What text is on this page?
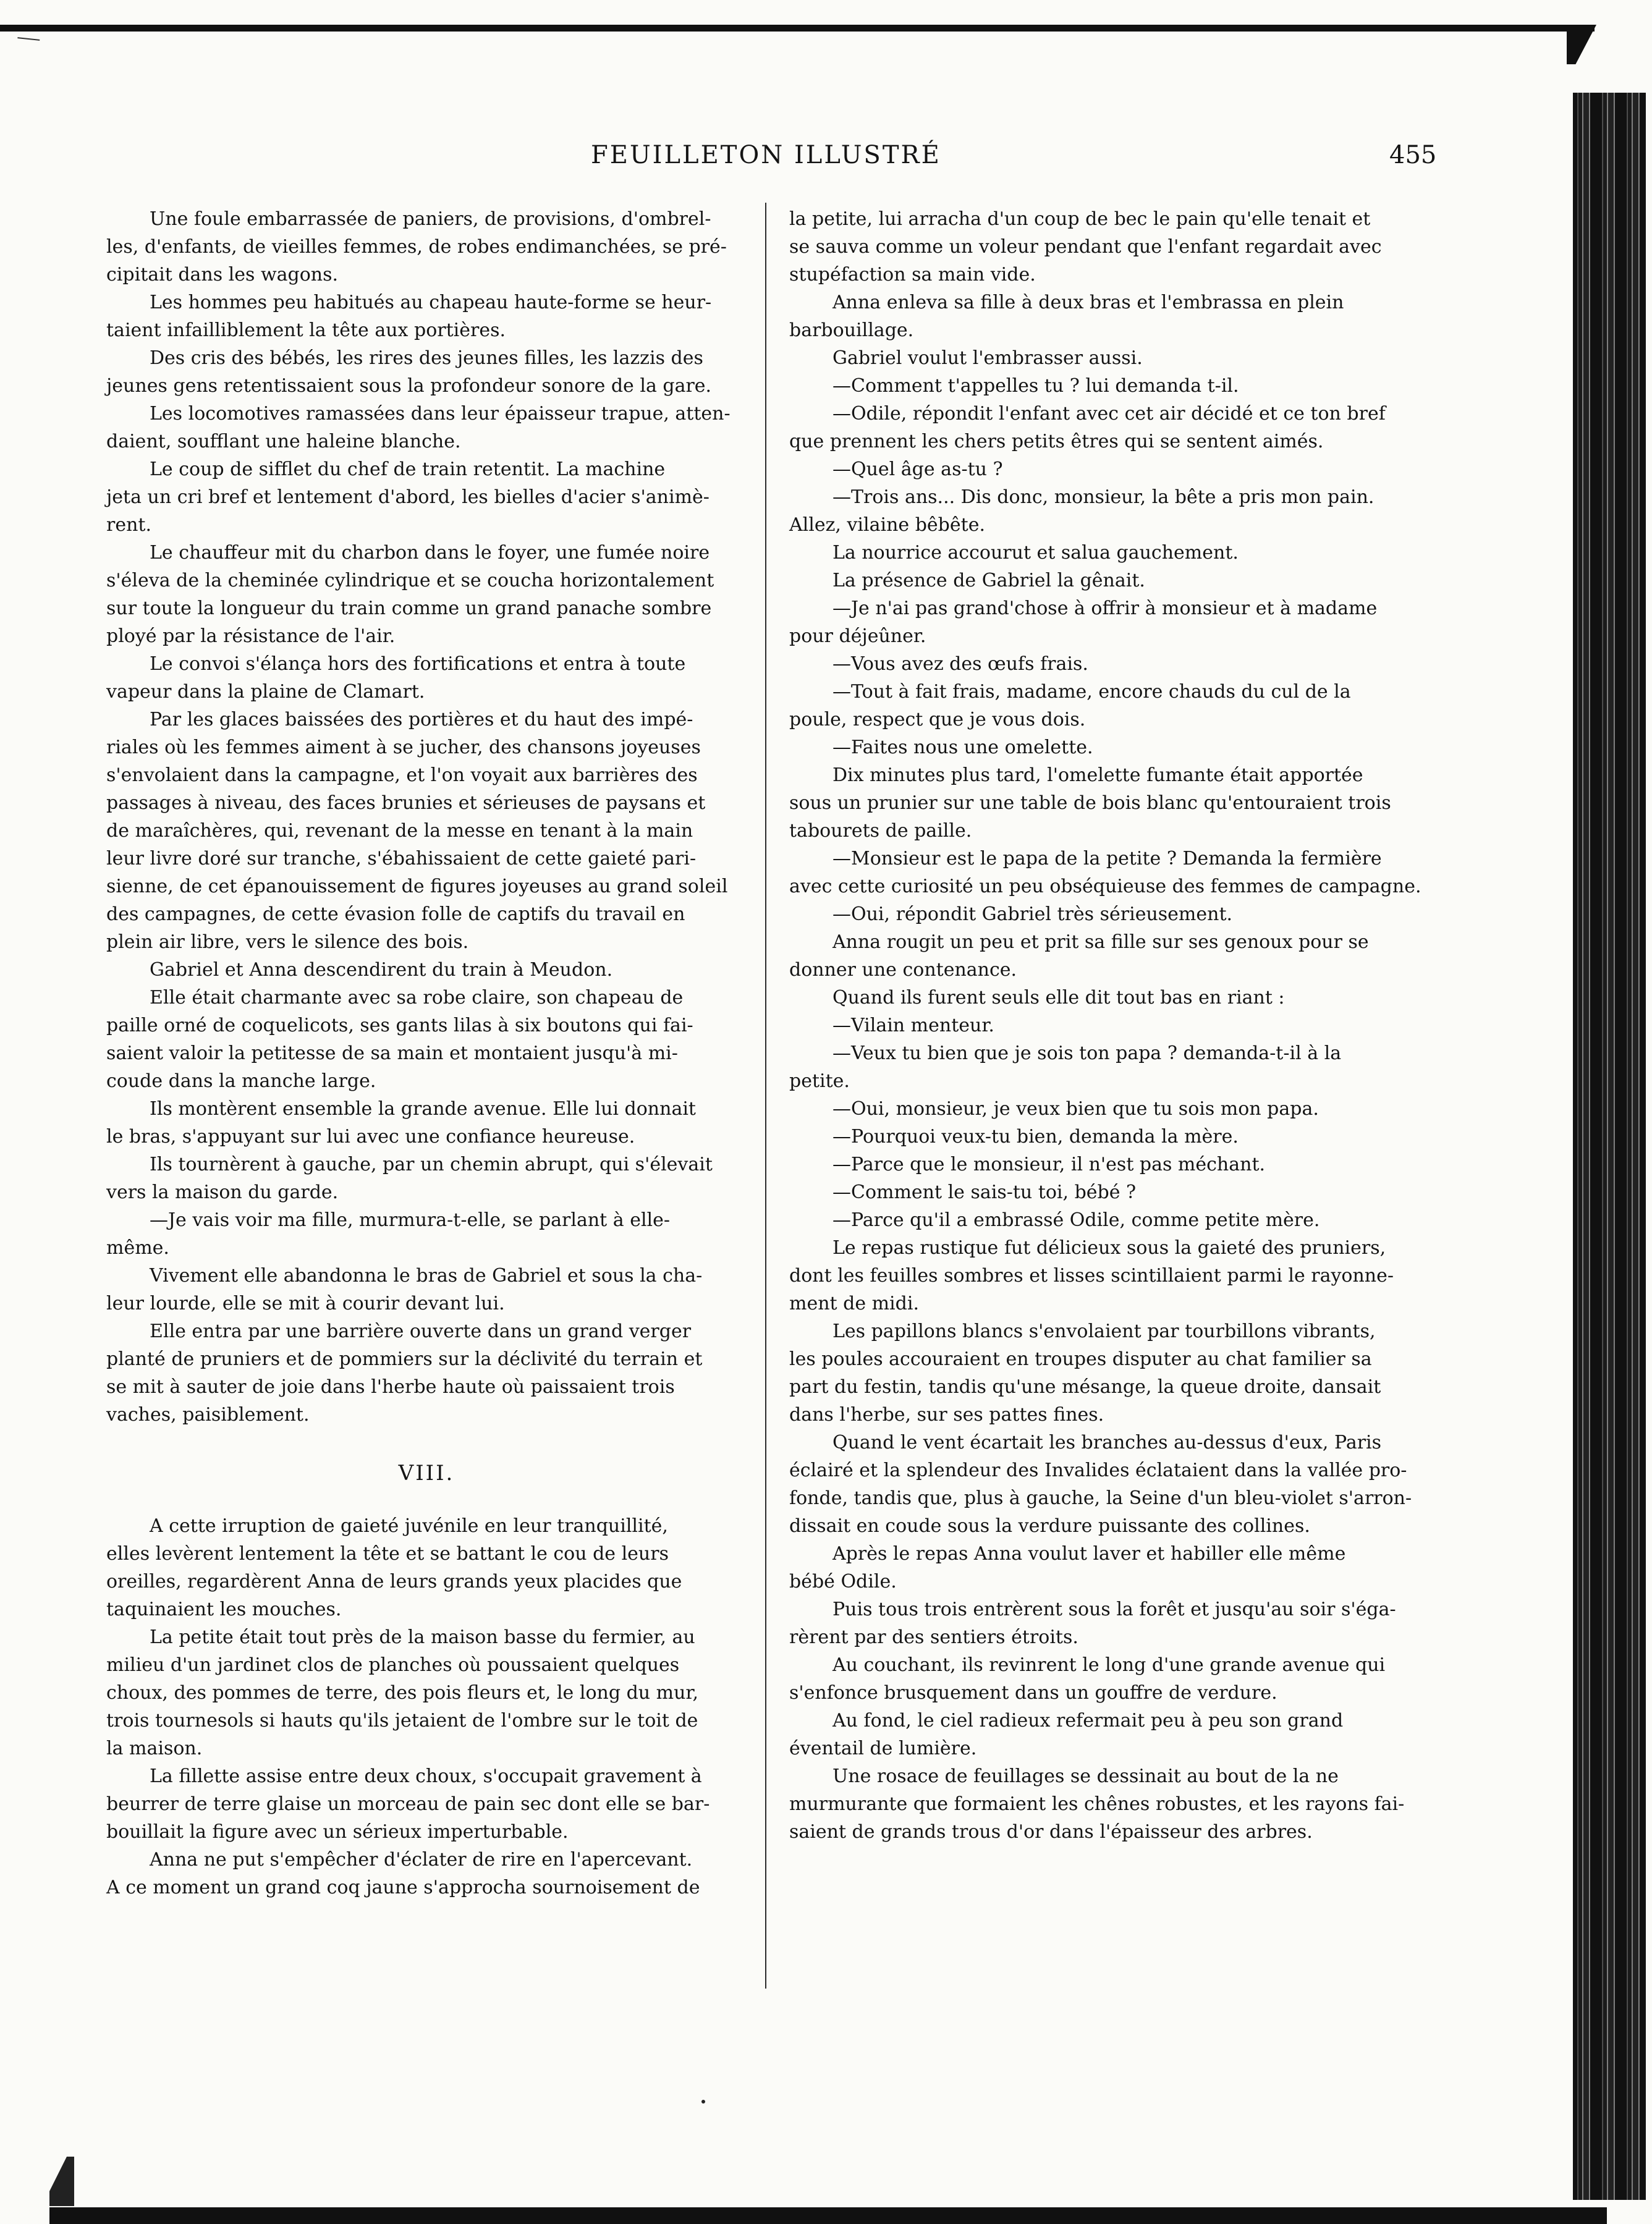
FEUILLETON ILLUSTRÉ	455

Une foule embarrassée de paniers, de provisions, d'ombrel-
les, d'enfants, de vieilles femmes, de robes endimanchées, se pré-
cipitait dans les wagons.

Les hommes peu habitués au chapeau haute-forme se heur-
taient infailliblement la tête aux portières.

Des cris des bébés, les rires des jeunes filles, les lazzis des
jeunes gens retentissaient sous la profondeur sonore de la gare.

Les locomotives ramassées dans leur épaisseur trapue, atten-
daient, soufflant une haleine blanche.

Le coup de sifflet du chef de train retentit. La machine
jeta un cri bref et lentement d'abord, les bielles d'acier s'animè-
rent.

Le chauffeur mit du charbon dans le foyer, une fumée noire
s'éleva de la cheminée cylindrique et se coucha horizontalement
sur toute la longueur du train comme un grand panache sombre
ployé par la résistance de l'air.

Le convoi s'élança hors des fortifications et entra à toute
vapeur dans la plaine de Clamart.

Par les glaces baissées des portières et du haut des impé-
riales où les femmes aiment à se jucher, des chansons joyeuses
s'envolaient dans la campagne, et l'on voyait aux barrières des
passages à niveau, des faces brunies et sérieuses de paysans et
de maraîchères, qui, revenant de la messe en tenant à la main
leur livre doré sur tranche, s'ébahissaient de cette gaieté pari-
sienne, de cet épanouissement de figures joyeuses au grand soleil
des campagnes, de cette évasion folle de captifs du travail en
plein air libre, vers le silence des bois.

Gabriel et Anna descendirent du train à Meudon.

Elle était charmante avec sa robe claire, son chapeau de
paille orné de coquelicots, ses gants lilas à six boutons qui fai-
saient valoir la petitesse de sa main et montaient jusqu'à mi-
coude dans la manche large.

Ils montèrent ensemble la grande avenue. Elle lui donnait
le bras, s'appuyant sur lui avec une confiance heureuse.

Ils tournèrent à gauche, par un chemin abrupt, qui s'élevait
vers la maison du garde.

—Je vais voir ma fille, murmura-t-elle, se parlant à elle-
même.

Vivement elle abandonna le bras de Gabriel et sous la cha-
leur lourde, elle se mit à courir devant lui.

Elle entra par une barrière ouverte dans un grand verger
planté de pruniers et de pommiers sur la déclivité du terrain et
se mit à sauter de joie dans l'herbe haute où paissaient trois
vaches, paisiblement.

VIII.

A cette irruption de gaieté juvénile en leur tranquillité,
elles levèrent lentement la tête et se battant le cou de leurs
oreilles, regardèrent Anna de leurs grands yeux placides que
taquinaient les mouches.

La petite était tout près de la maison basse du fermier, au
milieu d'un jardinet clos de planches où poussaient quelques
choux, des pommes de terre, des pois fleurs et, le long du mur,
trois tournesols si hauts qu'ils jetaient de l'ombre sur le toit de
la maison.

La fillette assise entre deux choux, s'occupait gravement à
beurrer de terre glaise un morceau de pain sec dont elle se bar-
bouillait la figure avec un sérieux imperturbable.

Anna ne put s'empêcher d'éclater de rire en l'apercevant.
A ce moment un grand coq jaune s'approcha sournoisement de

la petite, lui arracha d'un coup de bec le pain qu'elle tenait et
se sauva comme un voleur pendant que l'enfant regardait avec
stupéfaction sa main vide.

Anna enleva sa fille à deux bras et l'embrassa en plein
barbouillage.

Gabriel voulut l'embrasser aussi.

—Comment t'appelles tu ? lui demanda t-il.

—Odile, répondit l'enfant avec cet air décidé et ce ton bref
que prennent les chers petits êtres qui se sentent aimés.

—Quel âge as-tu ?

—Trois ans... Dis donc, monsieur, la bête a pris mon pain.
Allez, vilaine bêbête.

La nourrice accourut et salua gauchement.

La présence de Gabriel la gênait.

—Je n'ai pas grand'chose à offrir à monsieur et à madame
pour déjeûner.

—Vous avez des œufs frais.

—Tout à fait frais, madame, encore chauds du cul de la
poule, respect que je vous dois.

—Faites nous une omelette.

Dix minutes plus tard, l'omelette fumante était apportée
sous un prunier sur une table de bois blanc qu'entouraient trois
tabourets de paille.

—Monsieur est le papa de la petite ? Demanda la fermière
avec cette curiosité un peu obséquieuse des femmes de campagne.

—Oui, répondit Gabriel très sérieusement.

Anna rougit un peu et prit sa fille sur ses genoux pour se
donner une contenance.

Quand ils furent seuls elle dit tout bas en riant :

—Vilain menteur.

—Veux tu bien que je sois ton papa ? demanda-t-il à la
petite.

—Oui, monsieur, je veux bien que tu sois mon papa.

—Pourquoi veux-tu bien, demanda la mère.

—Parce que le monsieur, il n'est pas méchant.

—Comment le sais-tu toi, bébé ?

—Parce qu'il a embrassé Odile, comme petite mère.

Le repas rustique fut délicieux sous la gaieté des pruniers,
dont les feuilles sombres et lisses scintillaient parmi le rayonne-
ment de midi.

Les papillons blancs s'envolaient par tourbillons vibrants,
les poules accouraient en troupes disputer au chat familier sa
part du festin, tandis qu'une mésange, la queue droite, dansait
dans l'herbe, sur ses pattes fines.

Quand le vent écartait les branches au-dessus d'eux, Paris
éclairé et la splendeur des Invalides éclataient dans la vallée pro-
fonde, tandis que, plus à gauche, la Seine d'un bleu-violet s'arron-
dissait en coude sous la verdure puissante des collines.

Après le repas Anna voulut laver et habiller elle même
bébé Odile.

Puis tous trois entrèrent sous la forêt et jusqu'au soir s'éga-
rèrent par des sentiers étroits.

Au couchant, ils revinrent le long d'une grande avenue qui
s'enfonce brusquement dans un gouffre de verdure.

Au fond, le ciel radieux refermait peu à peu son grand
éventail de lumière.

Une rosace de feuillages se dessinait au bout de la ne
murmurante que formaient les chênes robustes, et les rayons fai-
saient de grands trous d'or dans l'épaisseur des arbres.
